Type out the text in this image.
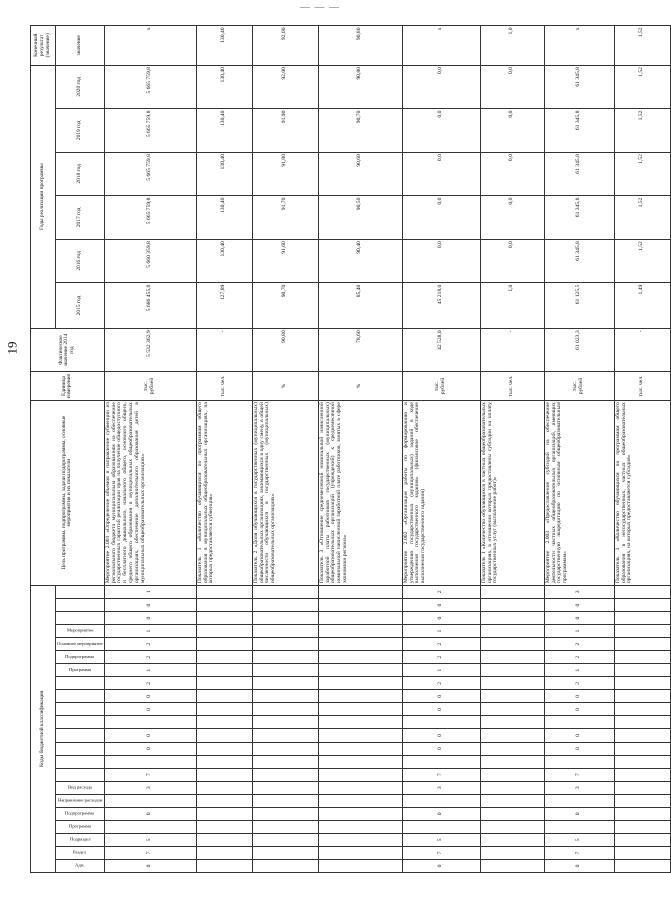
Коды бюджетной классификации																						Цель программы, подпрограммы, задачи подпрограммы, основные мероприятия и их показатели	Единица измерения	Фактическое значение 2014 год	Годы реализации программы						Конечный результат (значение)
Адм.	Раздел	Подраздел	Программа	Подпрограмма	Направление расходов	Вид расхода									Программа	Подпрограмма	Основное мероприятие	Мероприятие							2015 год	2016 год	2017 год	2018 год	2019 год	2020 год	значение
0	7	5		0		3	7		0	0		0	0	2	1	2	2	1	0	0	1	Мероприятие 2.001 «Определение объемов и направление субвенции из регионального бюджета муниципальным образованиям на обеспечение государственных гарантий реализации прав на получение общедоступного и бесплатного дошкольного, начального общего, основного общего, среднего общего образования в муниципальных общеобразовательных организациях, обеспечение дополнительного образования детей в муниципальных общеобразовательных организациях»	тыс. рублей	5 532 362,9	5 686 455,8	5 660 359,8	5 665 759,8	5 665 759,8	5 665 759,8	5 665 759,8	х
																						Показатель 1 «Количество обучающихся по программам общего образования в муниципальных общеобразовательных организациях, на которых предоставляется субвенция»	тыс. чел.	-	127,89	130,40	130,40	130,40	130,40	130,40	130,40
																						Показатель 2 «Доля обучающихся в государственных (муниципальных) общеобразовательных организациях, занимающихся в одну смену, в общей численности обучающихся в государственных (муниципальных) общеобразовательных организациях»	%	90,80	90,70	91,60	91,70	91,80	91,90	92,00	92,00
																						Показатель 3 «Отношение среднемесячной номинальной начисленной заработной платы работников государственных (муниципальных) общеобразовательных организаций (учреждений) к среднемесячной номинальной начисленной заработной плате работников, занятых в сфере экономики региона»	%	78,60	85,40	90,40	90,50	90,60	90,70	90,80	90,80
0	7	5		0		3	7		0	0		0	0	2	1	2	2	1	0	0	2	Мероприятие 2.002 «Организация работы по формированию и утверждению государственных (муниципальных) заданий в ходе выполнения государственного задания» (финансовое обеспечение выполнения государственного задания)	тыс. рублей	42 528,0	45 218,0	0,0	0,0	0,0	0,0	0,0	х
																						Показатель 1 «Количество обучающихся в частных общеобразовательных организациях, в отношении которых предоставлены субсидии на оплату государственных услуг (выполнение работ)»	тыс. чел.	-	1,0	0,0	0,0	0,0	0,0	0,0	1,0
0	7	5		0		3	7		0	0		0	0	2	1	2	2	1	0	0	3	Мероприятие 2.003 «Предоставление субсидий на обеспечение деятельности частных общеобразовательных организаций, имеющих государственную аккредитацию по основным общеобразовательным программам»	тыс. рублей	61 023,3	61 125,5	61 345,8	61 345,8	61 345,8	61 345,8	61 345,8	х
																						Показатель 1 «Количество обучающихся по программам общего образования в негосударственных, частных общеобразовательных организациях, на которых предоставляется субсидия»	тыс. чел.	-	1,49	1,52	1,52	1,52	1,52	1,52	1,52
— — —
19
